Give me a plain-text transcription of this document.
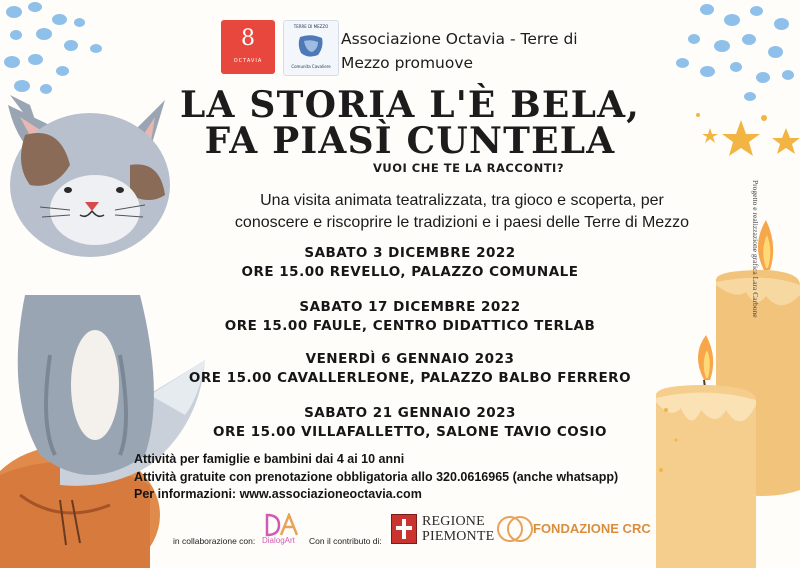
8
OCTAVIA
TERRE DI MEZZO
Comunita Cavaliere
Associazione Octavia - Terre di
Mezzo promuove
LA STORIA L'È BELA,
FA PIASÌ CUNTELA
VUOI CHE TE LA RACCONTI?
Una visita animata teatralizzata, tra gioco e scoperta, per
conoscere e riscoprire le tradizioni e i paesi delle Terre di Mezzo
SABATO 3 DICEMBRE 2022
ORE 15.00 REVELLO, PALAZZO COMUNALE
SABATO 17 DICEMBRE 2022
ORE 15.00 FAULE, CENTRO DIDATTICO TERLAB
VENERDÌ 6 GENNAIO 2023
ORE 15.00 CAVALLERLEONE, PALAZZO BALBO FERRERO
SABATO 21 GENNAIO 2023
ORE 15.00 VILLAFALLETTO, SALONE TAVIO COSIO
Attività per famiglie e bambini dai 4 ai 10 anni
Attività gratuite con prenotazione obbligatoria allo 320.0616965 (anche whatsapp)
Per informazioni: www.associazioneoctavia.com
in collaborazione con: DialogArt Con il contributo di:
REGIONE
PIEMONTE
FONDAZIONE CRC
Progetto e realizzazione grafica Lara Carbone
